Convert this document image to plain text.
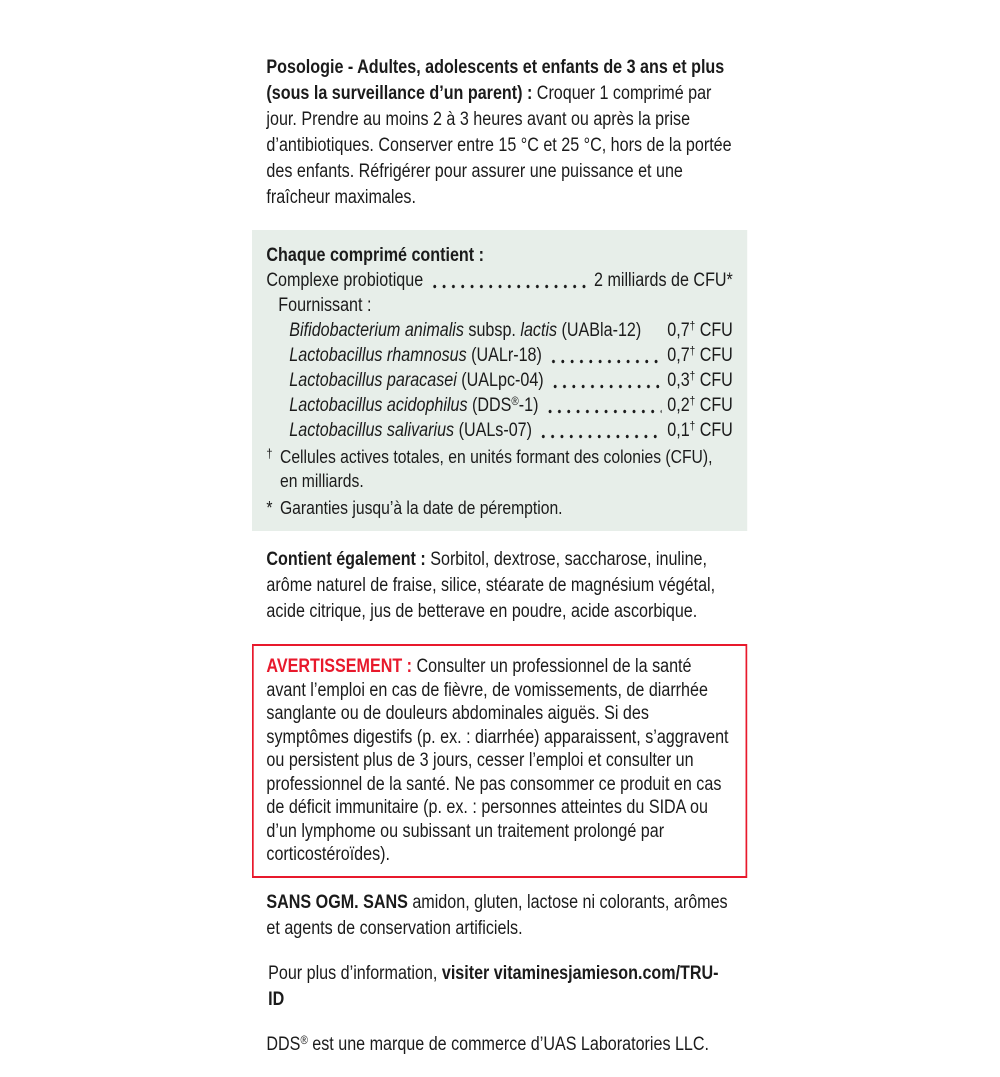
Posologie - Adultes, adolescents et enfants de 3 ans et plus (sous la surveillance d’un parent) : Croquer 1 comprimé par jour. Prendre au moins 2 à 3 heures avant ou après la prise d’antibiotiques. Conserver entre 15 °C et 25 °C, hors de la portée des enfants. Réfrigérer pour assurer une puissance et une fraîcheur maximales.

Chaque comprimé contient :
Complexe probiotique	2 milliards de CFU*
Fournissant :
Bifidobacterium animalis subsp. lactis (UABla-12) 0,7† CFU
Lactobacillus rhamnosus (UALr-18)	0,7† CFU
Lactobacillus paracasei (UALpc-04)	0,3† CFU
Lactobacillus acidophilus (DDS®-1)	0,2† CFU
Lactobacillus salivarius (UALs-07)	0,1† CFU
† Cellules actives totales, en unités formant des colonies (CFU), en milliards.
* Garanties jusqu’à la date de péremption.

Contient également : Sorbitol, dextrose, saccharose, inuline, arôme naturel de fraise, silice, stéarate de magnésium végétal, acide citrique, jus de betterave en poudre, acide ascorbique.

AVERTISSEMENT : Consulter un professionnel de la santé avant l’emploi en cas de fièvre, de vomissements, de diarrhée sanglante ou de douleurs abdominales aiguës. Si des symptômes digestifs (p. ex. : diarrhée) apparaissent, s’aggravent ou persistent plus de 3 jours, cesser l’emploi et consulter un professionnel de la santé. Ne pas consommer ce produit en cas de déficit immunitaire (p. ex. : personnes atteintes du SIDA ou d’un lymphome ou subissant un traitement prolongé par corticostéroïdes).

SANS OGM. SANS amidon, gluten, lactose ni colorants, arômes et agents de conservation artificiels.

Pour plus d’information, visiter vitaminesjamieson.com/TRU-ID

DDS® est une marque de commerce d’UAS Laboratories LLC.
